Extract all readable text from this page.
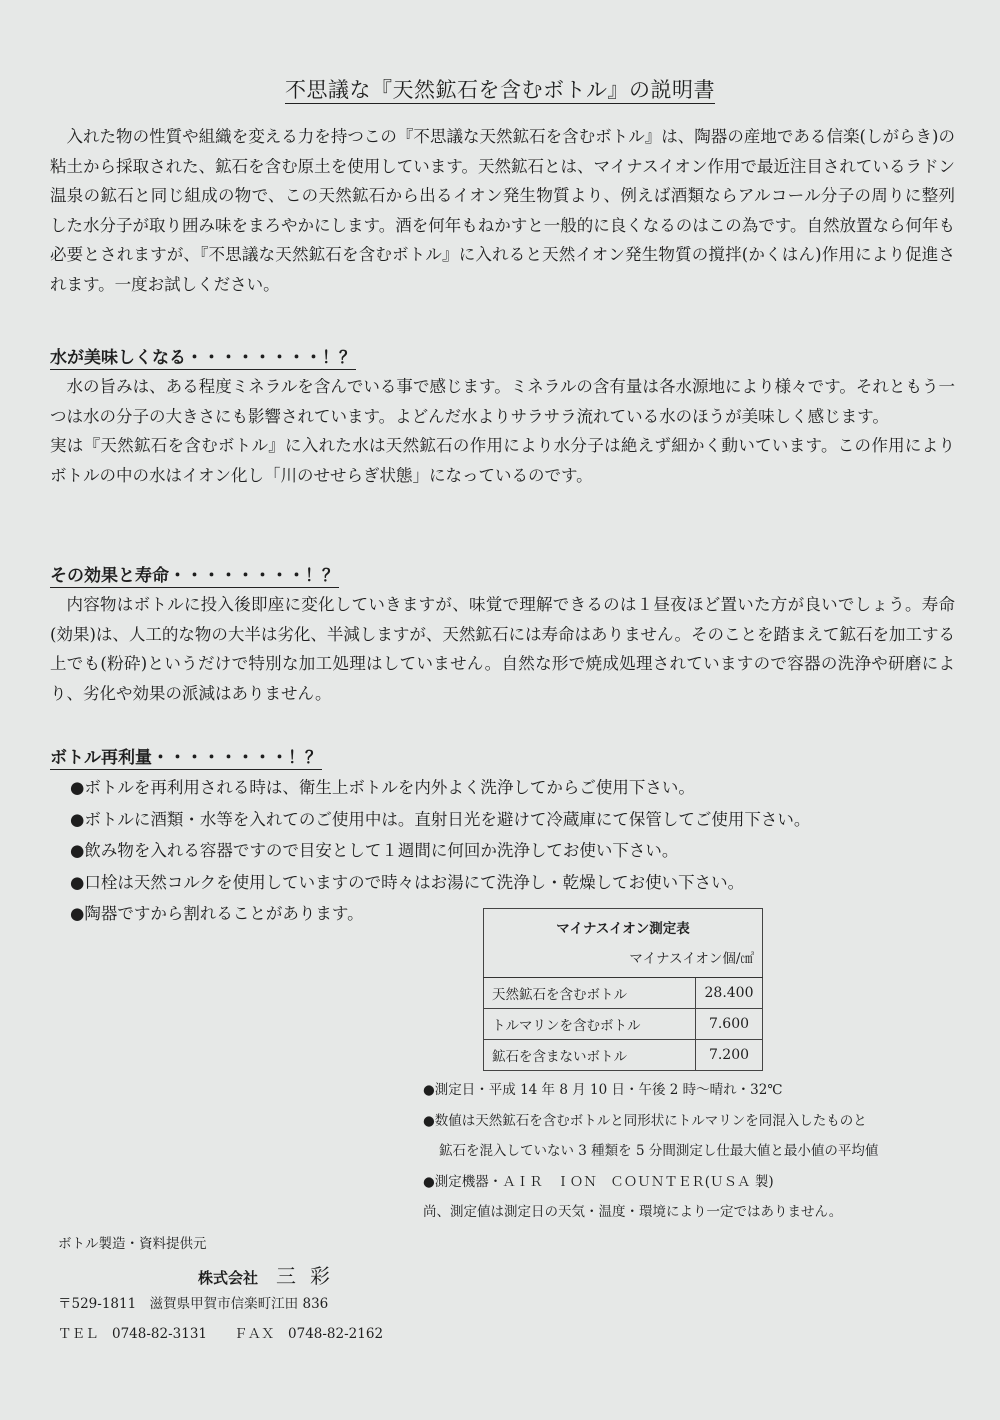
不思議な『天然鉱石を含むボトル』の説明書

入れた物の性質や組織を変える力を持つこの『不思議な天然鉱石を含むボトル』は、陶器の産地である信楽(しがらき)の粘土から採取された、鉱石を含む原土を使用しています。天然鉱石とは、マイナスイオン作用で最近注目されているラドン温泉の鉱石と同じ組成の物で、この天然鉱石から出るイオン発生物質より、例えば酒類ならアルコール分子の周りに整列した水分子が取り囲み味をまろやかにします。酒を何年もねかすと一般的に良くなるのはこの為です。自然放置なら何年も必要とされますが、『不思議な天然鉱石を含むボトル』に入れると天然イオン発生物質の撹拌(かくはん)作用により促進されます。一度お試しください。

水が美味しくなる・・・・・・・・！？

水の旨みは、ある程度ミネラルを含んでいる事で感じます。ミネラルの含有量は各水源地により様々です。それともう一つは水の分子の大きさにも影響されています。よどんだ水よりサラサラ流れている水のほうが美味しく感じます。

実は『天然鉱石を含むボトル』に入れた水は天然鉱石の作用により水分子は絶えず細かく動いています。この作用によりボトルの中の水はイオン化し「川のせせらぎ状態」になっているのです。

その効果と寿命・・・・・・・・！？

内容物はボトルに投入後即座に変化していきますが、味覚で理解できるのは１昼夜ほど置いた方が良いでしょう。寿命(効果)は、人工的な物の大半は劣化、半減しますが、天然鉱石には寿命はありません。そのことを踏まえて鉱石を加工する上でも(粉砕)というだけで特別な加工処理はしていません。自然な形で焼成処理されていますので容器の洗浄や研磨により、劣化や効果の派減はありません。

ボトル再利量・・・・・・・・！？
●ボトルを再利用される時は、衛生上ボトルを内外よく洗浄してからご使用下さい。
●ボトルに酒類・水等を入れてのご使用中は。直射日光を避けて冷蔵庫にて保管してご使用下さい。
●飲み物を入れる容器ですので目安として１週間に何回か洗浄してお使い下さい。
●口栓は天然コルクを使用していますので時々はお湯にて洗浄し・乾燥してお使い下さい。
●陶器ですから割れることがあります。
マイナスイオン測定表
マイナスイオン個/㎤	

天然鉱石を含むボトル	28.400
トルマリンを含むボトル	7.600
鉱石を含まないボトル	7.200
●測定日・平成 14 年 8 月 10 日・午後 2 時〜晴れ・32℃
●数値は天然鉱石を含むボトルと同形状にトルマリンを同混入したものと
鉱石を混入していない 3 種類を 5 分間測定し仕最大値と最小値の平均値
●測定機器・ＡＩＲ　ＩＯＮ　ＣＯＵＮＴＥＲ(ＵＳＡ 製)
尚、測定値は測定日の天気・温度・環境により一定ではありません。
ボトル製造・資料提供元
株式会社 三彩
〒529-1811　滋賀県甲賀市信楽町江田 836
ＴＥＬ　0748-82-3131　　ＦＡＸ　0748-82-2162
